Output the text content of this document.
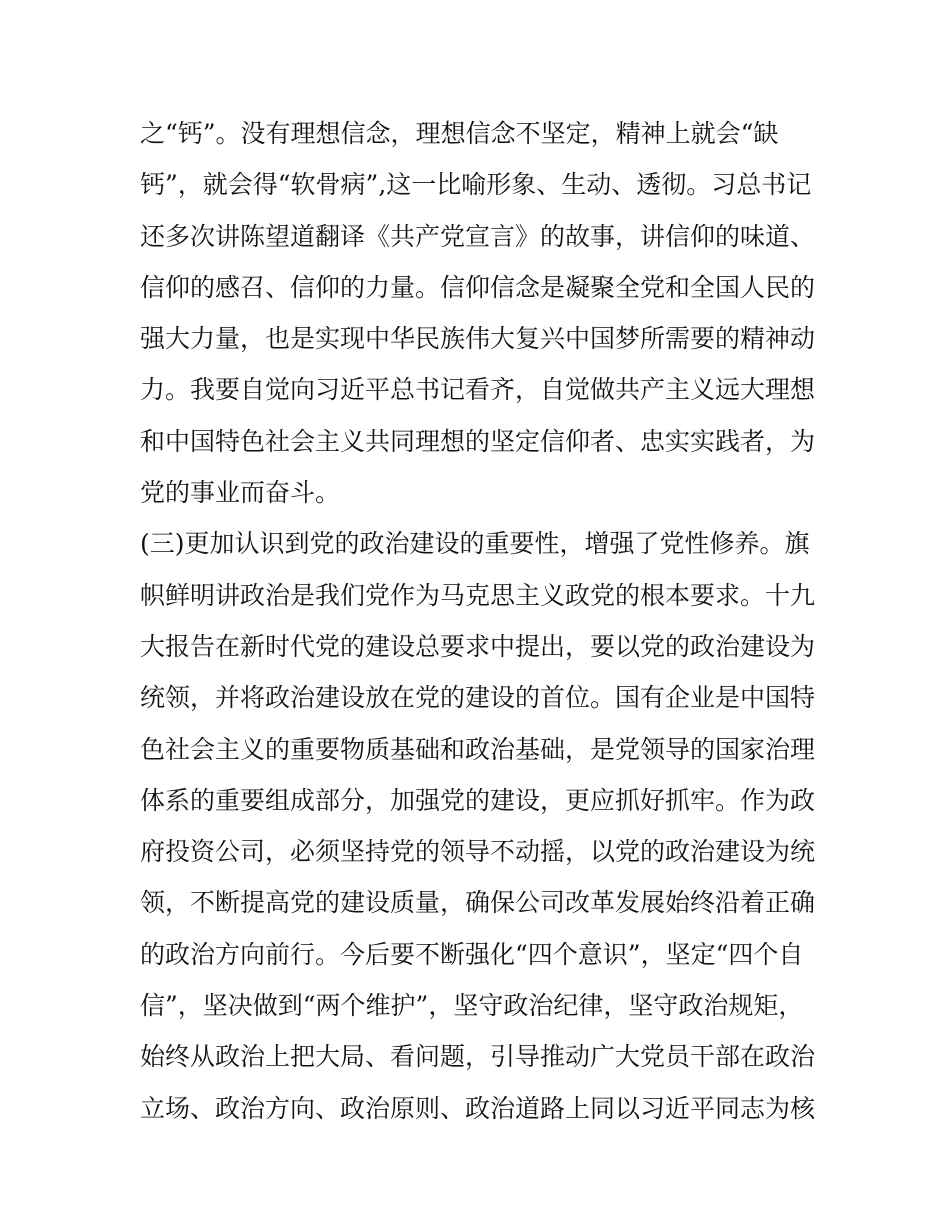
之“钙”。没有理想信念，理想信念不坚定，精神上就会“缺
钙”，就会得“软骨病”,这一比喻形象、生动、透彻。习总书记
还多次讲陈望道翻译《共产党宣言》的故事，讲信仰的味道、
信仰的感召、信仰的力量。信仰信念是凝聚全党和全国人民的
强大力量，也是实现中华民族伟大复兴中国梦所需要的精神动
力。我要自觉向习近平总书记看齐，自觉做共产主义远大理想
和中国特色社会主义共同理想的坚定信仰者、忠实实践者，为
党的事业而奋斗。
(三)更加认识到党的政治建设的重要性，增强了党性修养。旗
帜鲜明讲政治是我们党作为马克思主义政党的根本要求。十九
大报告在新时代党的建设总要求中提出，要以党的政治建设为
统领，并将政治建设放在党的建设的首位。国有企业是中国特
色社会主义的重要物质基础和政治基础，是党领导的国家治理
体系的重要组成部分，加强党的建设，更应抓好抓牢。作为政
府投资公司，必须坚持党的领导不动摇，以党的政治建设为统
领，不断提高党的建设质量，确保公司改革发展始终沿着正确
的政治方向前行。今后要不断强化“四个意识”，坚定“四个自
信”，坚决做到“两个维护”，坚守政治纪律，坚守政治规矩，
始终从政治上把大局、看问题，引导推动广大党员干部在政治
立场、政治方向、政治原则、政治道路上同以习近平同志为核
